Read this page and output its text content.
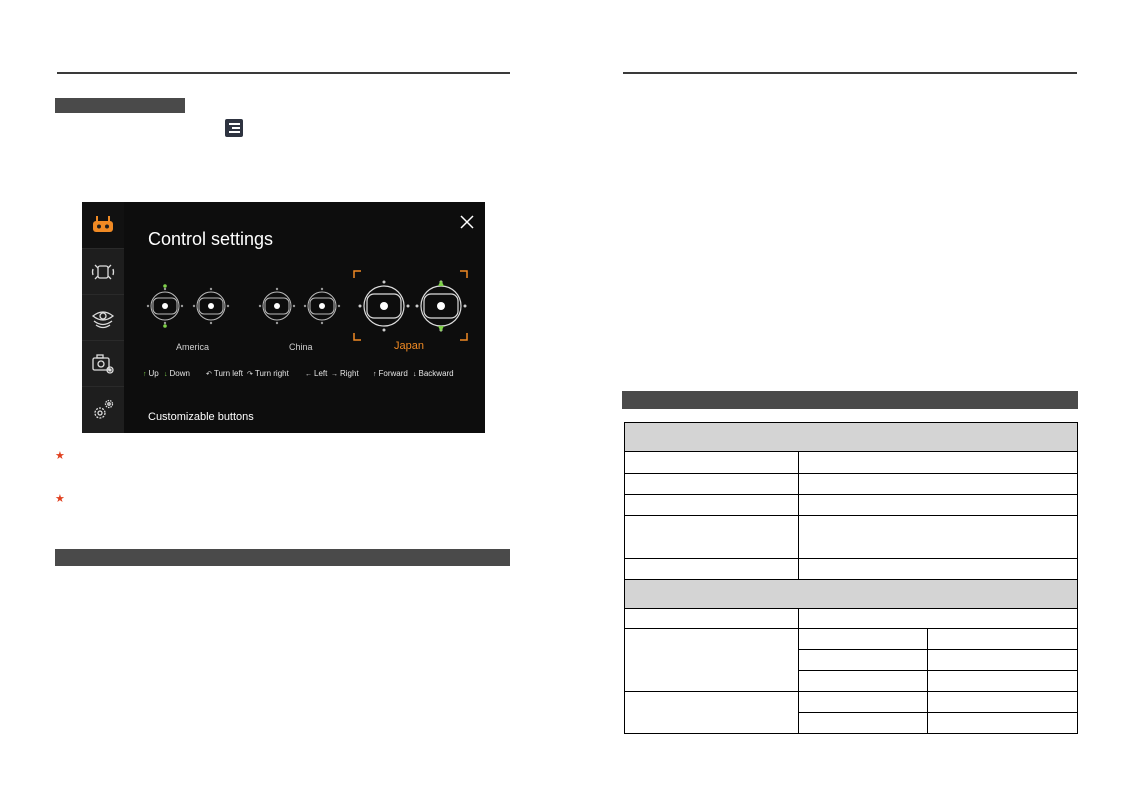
Control settings
America	China	Japan
↑ Up ↓ Down ↶ Turn left ↷ Turn right ← Left → Right ↑ Forward ↓ Backward
Customizable buttons
★
★
